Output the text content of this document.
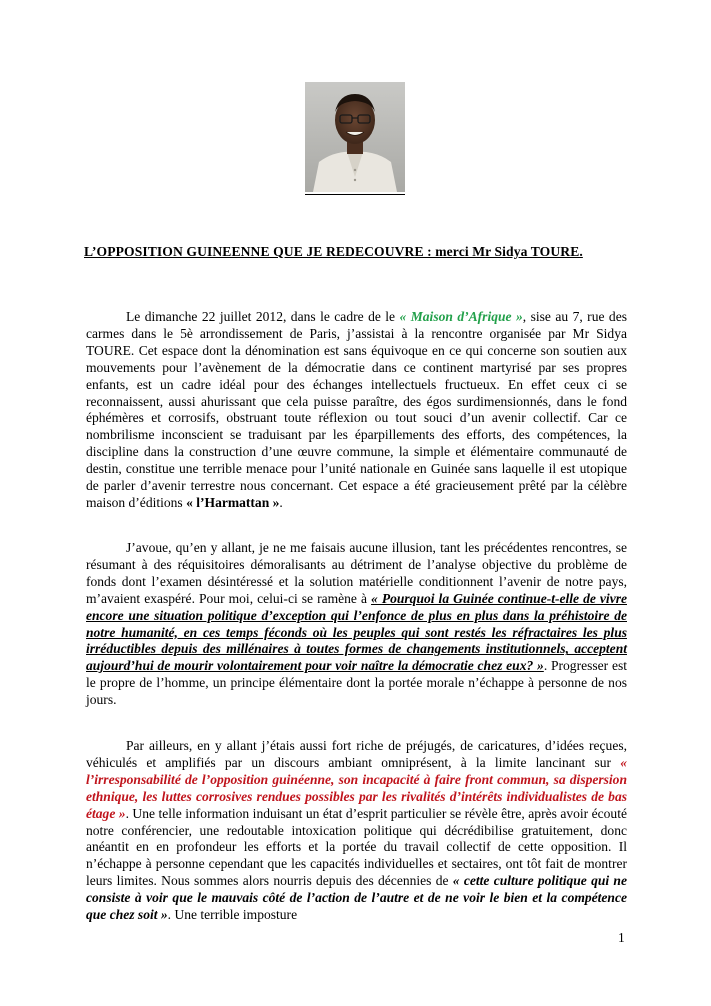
L’OPPOSITION GUINEENNE QUE JE REDECOUVRE : merci Mr Sidya TOURE.

Le dimanche 22 juillet 2012, dans le cadre de le « Maison d’Afrique », sise au 7, rue des carmes dans le 5è arrondissement de Paris, j’assistai à la rencontre organisée par Mr Sidya TOURE. Cet espace dont la dénomination est sans équivoque en ce qui concerne son soutien aux mouvements pour l’avènement de la démocratie dans ce continent martyrisé par ses propres enfants, est un cadre idéal pour des échanges intellectuels fructueux. En effet ceux ci se reconnaissent, aussi ahurissant que cela puisse paraître, des égos surdimensionnés, dans le fond éphémères et corrosifs, obstruant toute réflexion ou tout souci d’un avenir collectif. Car ce nombrilisme inconscient se traduisant par les éparpillements des efforts, des compétences, la discipline dans la construction d’une œuvre commune, la simple et élémentaire communauté de destin, constitue une terrible menace pour l’unité nationale en Guinée sans laquelle il est utopique de parler d’avenir terrestre nous concernant. Cet espace a été gracieusement prêté par la célèbre maison d’éditions « l’Harmattan ».

J’avoue, qu’en y allant, je ne me faisais aucune illusion, tant les précédentes rencontres, se résumant à des réquisitoires démoralisants au détriment de l’analyse objective du problème de fonds dont l’examen désintéressé et la solution matérielle conditionnent l’avenir de notre pays, m’avaient exaspéré. Pour moi, celui-ci se ramène à « Pourquoi la Guinée continue-t-elle de vivre encore une situation politique d’exception qui l’enfonce de plus en plus dans la préhistoire de notre humanité, en ces temps féconds où les peuples qui sont restés les réfractaires les plus irréductibles depuis des millénaires à toutes formes de changements institutionnels, acceptent aujourd’hui de mourir volontairement pour voir naître la démocratie chez eux? ». Progresser est le propre de l’homme, un principe élémentaire dont la portée morale n’échappe à personne de nos jours.

Par ailleurs, en y allant j’étais aussi fort riche de préjugés, de caricatures, d’idées reçues, véhiculés et amplifiés par un discours ambiant omniprésent, à la limite lancinant sur « l’irresponsabilité de l’opposition guinéenne, son incapacité à faire front commun, sa dispersion ethnique, les luttes corrosives rendues possibles par les rivalités d’intérêts individualistes de bas étage ». Une telle information induisant un état d’esprit particulier se révèle être, après avoir écouté notre conférencier, une redoutable intoxication politique qui décrédibilise gratuitement, donc anéantit en en profondeur les efforts et la portée du travail collectif de cette opposition. Il n’échappe à personne cependant que les capacités individuelles et sectaires, ont tôt fait de montrer leurs limites. Nous sommes alors nourris depuis des décennies de « cette culture politique qui ne consiste à voir que le mauvais côté de l’action de l’autre et de ne voir le bien et la compétence que chez soit ». Une terrible imposture

1
